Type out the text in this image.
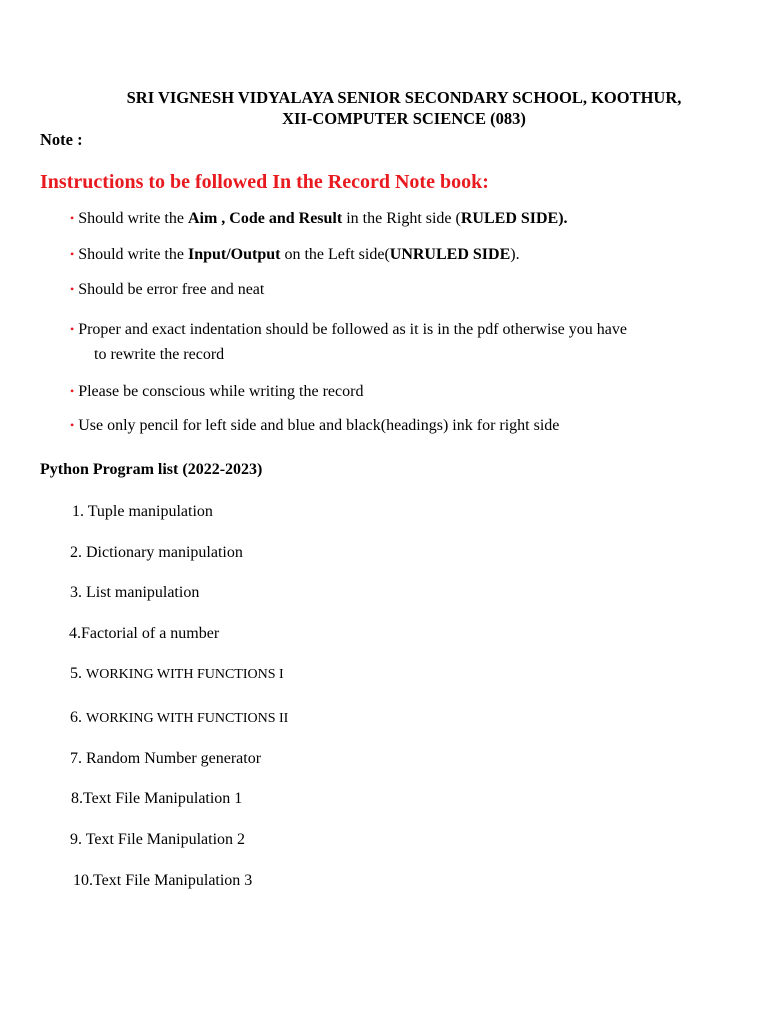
SRI VIGNESH VIDYALAYA SENIOR SECONDARY SCHOOL, KOOTHUR,
XII-COMPUTER SCIENCE (083)
Note :
Instructions to be followed In the Record Note book:
• Should write the Aim , Code and Result in the Right side (RULED SIDE).
• Should write the Input/Output on the Left side(UNRULED SIDE).
• Should be error free and neat
• Proper and exact indentation should be followed as it is in the pdf otherwise you have
to rewrite the record
• Please be conscious while writing the record
• Use only pencil for left side and blue and black(headings) ink for right side
Python Program list (2022-2023)
1. Tuple manipulation
2. Dictionary manipulation
3. List manipulation
4.Factorial of a number
5. WORKING WITH FUNCTIONS I
6. WORKING WITH FUNCTIONS II
7. Random Number generator
8.Text File Manipulation 1
9. Text File Manipulation 2
10.Text File Manipulation 3
